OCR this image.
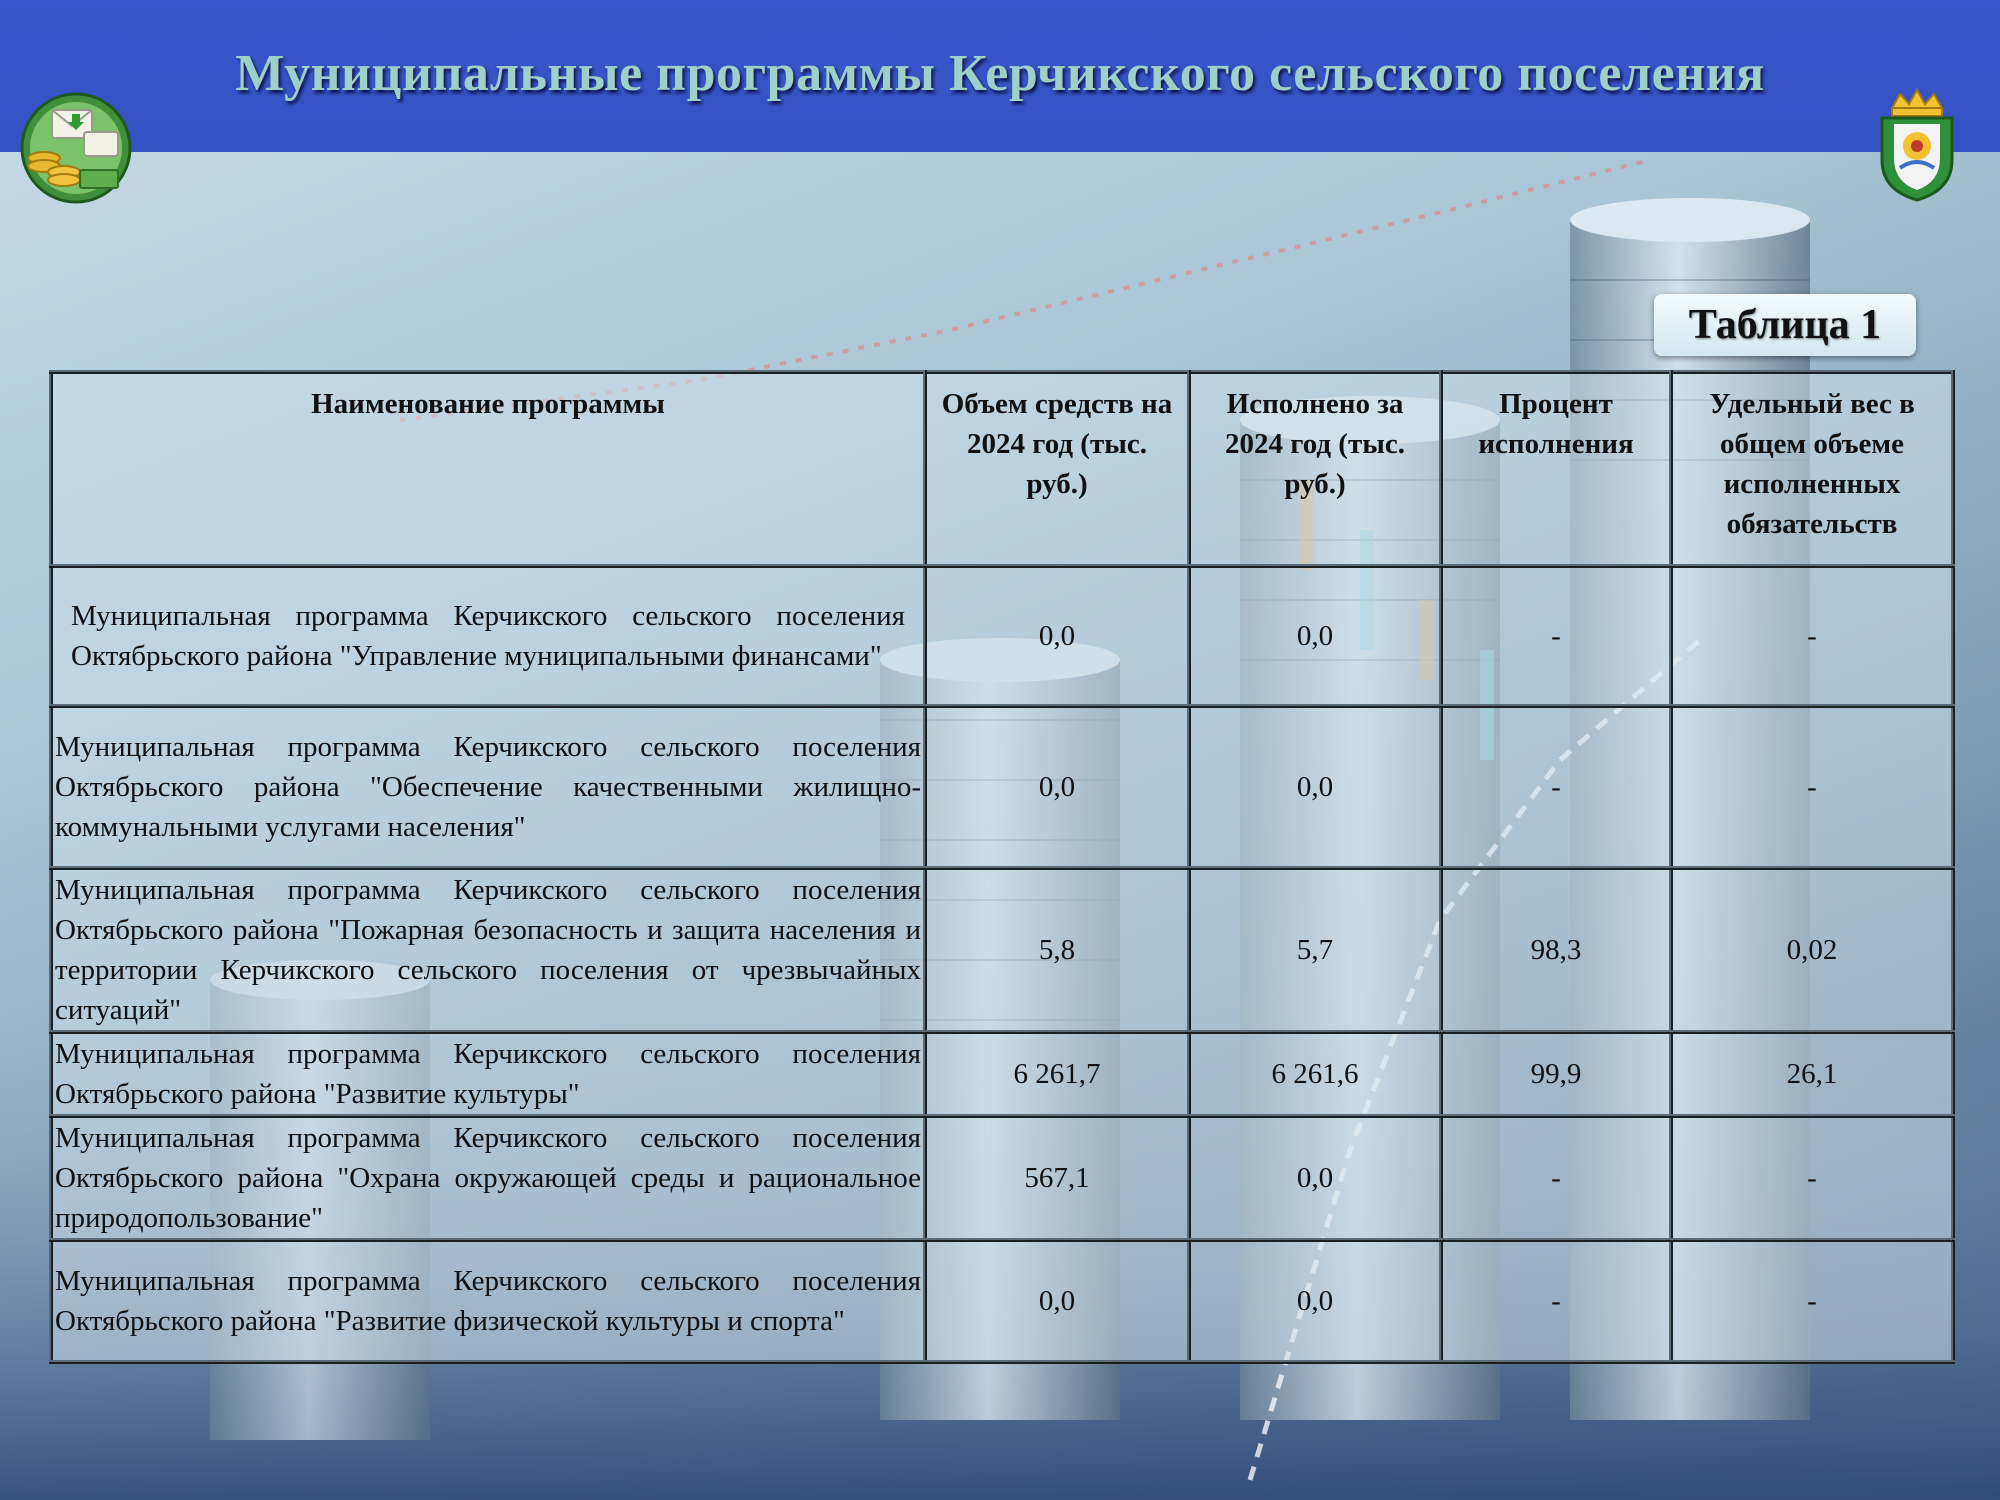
Муниципальные программы Керчикского сельского поселения
Таблица 1
Наименование программы	Объем средств на 2024 год (тыс. руб.)	Исполнено за 2024 год (тыс. руб.)	Процент исполнения	Удельный вес в общем объеме исполненных обязательств
Муниципальная программа Керчикского сельского поселения Октябрьского района "Управление муниципальными финансами"	0,0	0,0	-	-
Муниципальная программа Керчикского сельского поселения Октябрьского района "Обеспечение качественными жилищно-коммунальными услугами населения"	0,0	0,0	-	-
Муниципальная программа Керчикского сельского поселения Октябрьского района "Пожарная безопасность и защита населения и территории Керчикского сельского поселения от чрезвычайных ситуаций"	5,8	5,7	98,3	0,02
Муниципальная программа Керчикского сельского поселения Октябрьского района "Развитие культуры"	6 261,7	6 261,6	99,9	26,1
Муниципальная программа Керчикского сельского поселения Октябрьского района "Охрана окружающей среды и рациональное природопользование"	567,1	0,0	-	-
Муниципальная программа Керчикского сельского поселения Октябрьского района "Развитие физической культуры и спорта"	0,0	0,0	-	-
